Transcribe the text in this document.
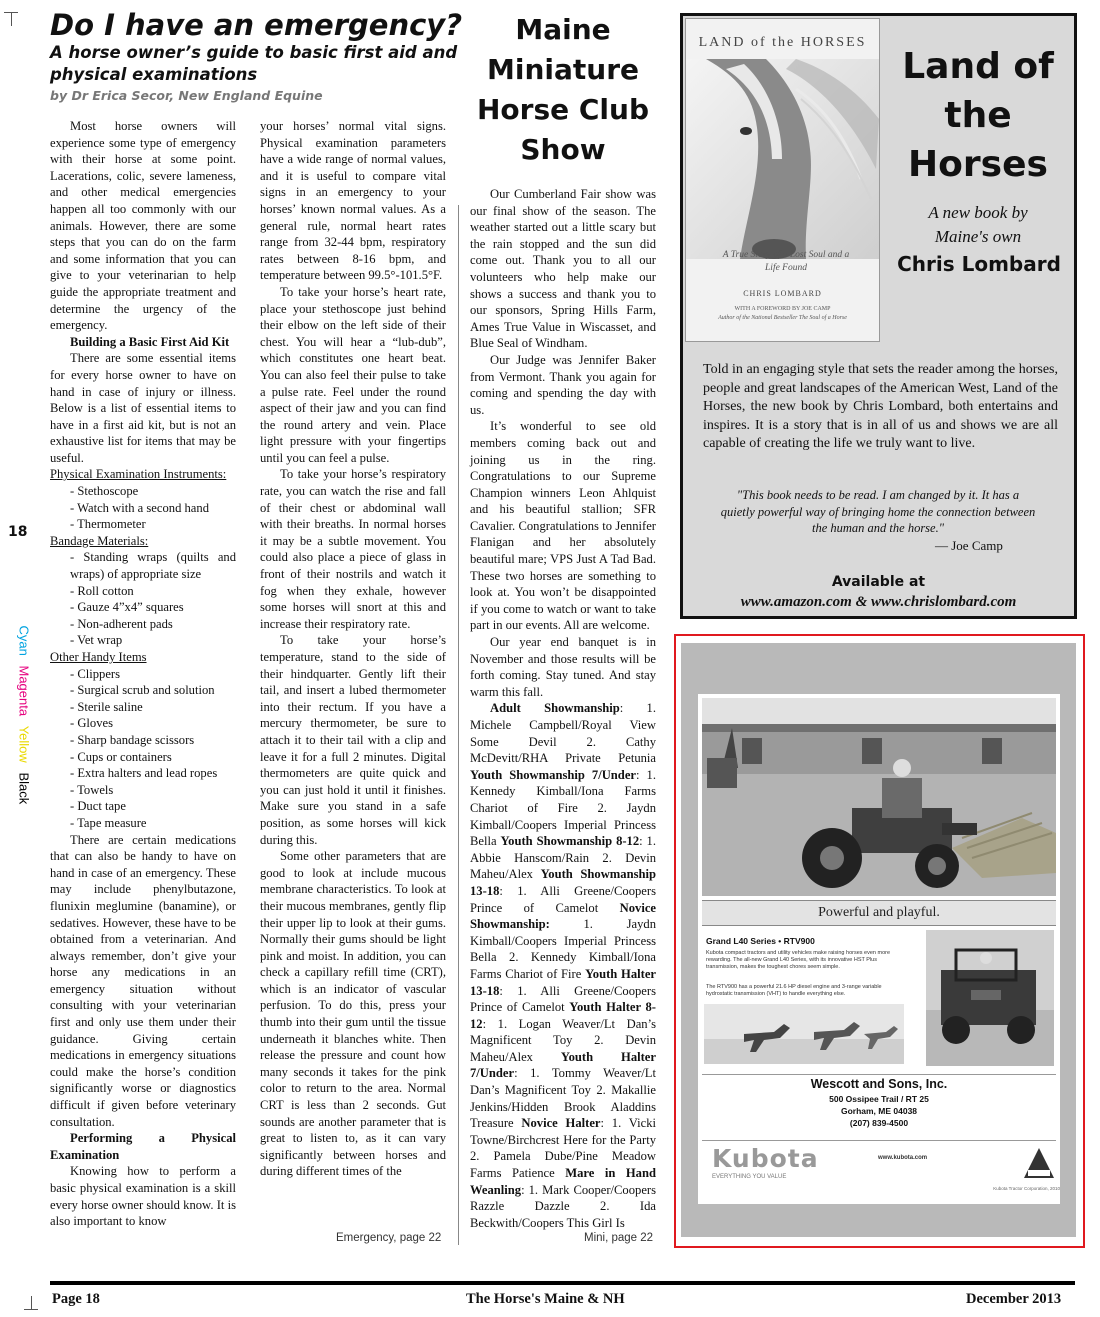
18
Cyan Magenta Yellow Black
Do I have an emergency?
A horse owner’s guide to basic first aid and physical examinations
by Dr Erica Secor, New England Equine

Most horse owners will experience some type of emergency with their horse at some point. Lacerations, colic, severe lameness, and other medical emergencies happen all too commonly with our animals. However, there are some steps that you can do on the farm and some information that you can give to your veterinarian to help guide the appropriate treatment and determine the urgency of the emergency.

Building a Basic First Aid Kit

There are some essential items for every horse owner to have on hand in case of injury or illness. Below is a list of essential items to have in a first aid kit, but is not an exhaustive list for items that may be useful.

Physical Examination Instruments:

- Stethoscope

- Watch with a second hand

- Thermometer

Bandage Materials:

- Standing wraps (quilts and wraps) of appropriate size

- Roll cotton

- Gauze 4”x4” squares

- Non-adherent pads

- Vet wrap

Other Handy Items

- Clippers

- Surgical scrub and solution

- Sterile saline

- Gloves

- Sharp bandage scissors

- Cups or containers

- Extra halters and lead ropes

- Towels

- Duct tape

- Tape measure

There are certain medications that can also be handy to have on hand in case of an emergency. These may include phenylbutazone, flunixin meglumine (banamine), or sedatives. However, these have to be obtained from a veterinarian. And always remember, don’t give your horse any medications in an emergency situation without consulting with your veterinarian first and only use them under their guidance. Giving certain medications in emergency situations could make the horse’s condition significantly worse or diagnostics difficult if given before veterinary consultation.

Performing a Physical Examination

Knowing how to perform a basic physical examination is a skill every horse owner should know. It is also important to know

your horses’ normal vital signs. Physical examination parameters have a wide range of normal values, and it is useful to compare vital signs in an emergency to your horses’ known normal values. As a general rule, normal heart rates range from 32-44 bpm, respiratory rates between 8-16 bpm, and temperature between 99.5°-101.5°F.

To take your horse’s heart rate, place your stethoscope just behind their elbow on the left side of their chest. You will hear a “lub-dub”, which constitutes one heart beat. You can also feel their pulse to take a pulse rate. Feel under the round aspect of their jaw and you can find the round artery and vein. Place light pressure with your fingertips until you can feel a pulse.

To take your horse’s respiratory rate, you can watch the rise and fall of their chest or abdominal wall with their breaths. In normal horses it may be a subtle movement. You could also place a piece of glass in front of their nostrils and watch it fog when they exhale, however some horses will snort at this and increase their respiratory rate.

To take your horse’s temperature, stand to the side of their hindquarter. Gently lift their tail, and insert a lubed thermometer into their rectum. If you have a mercury thermometer, be sure to attach it to their tail with a clip and leave it for a full 2 minutes. Digital thermometers are quite quick and you can just hold it until it finishes. Make sure you stand in a safe position, as some horses will kick during this.

Some other parameters that are good to look at include mucous membrane characteristics. To look at their mucous membranes, gently flip their upper lip to look at their gums. Normally their gums should be light pink and moist. In addition, you can check a capillary refill time (CRT), which is an indicator of vascular perfusion. To do this, press your thumb into their gum until the tissue underneath it blanches white. Then release the pressure and count how many seconds it takes for the pink color to return to the area. Normal CRT is less than 2 seconds. Gut sounds are another parameter that is great to listen to, as it can vary significantly between horses and during different times of the

Emergency, page 22
Maine Miniature Horse Club Show

Our Cumberland Fair show was our final show of the season. The weather started out a little scary but the rain stopped and the sun did come out. Thank you to all our volunteers who help make our shows a success and thank you to our sponsors, Spring Hills Farm, Ames True Value in Wiscasset, and Blue Seal of Windham.

Our Judge was Jennifer Baker from Vermont. Thank you again for coming and spending the day with us.

It’s wonderful to see old members coming back out and joining us in the ring. Congratulations to our Supreme Champion winners Leon Ahlquist and his beautiful stallion; SFR Cavalier. Congratulations to Jennifer Flanigan and her absolutely beautiful mare; VPS Just A Tad Bad. These two horses are something to look at. You won’t be disappointed if you come to watch or want to take part in our events. All are welcome.

Our year end banquet is in November and those results will be forth coming. Stay tuned. And stay warm this fall.

Adult Showmanship: 1. Michele Campbell/Royal View Some Devil 2. Cathy McDevitt/RHA Private Petunia Youth Showmanship 7/Under: 1. Kennedy Kimball/Iona Farms Chariot of Fire 2. Jaydn Kimball/Coopers Imperial Princess Bella Youth Showmanship 8-12: 1. Abbie Hanscom/Rain 2. Devin Maheu/Alex Youth Showmanship 13-18: 1. Alli Greene/Coopers Prince of Camelot Novice Showmanship: 1. Jaydn Kimball/Coopers Imperial Princess Bella 2. Kennedy Kimball/Iona Farms Chariot of Fire Youth Halter 13-18: 1. Alli Greene/Coopers Prince of Camelot Youth Halter 8-12: 1. Logan Weaver/Lt Dan’s Magnificent Toy 2. Devin Maheu/Alex Youth Halter 7/Under: 1. Tommy Weaver/Lt Dan’s Magnificent Toy 2. Makallie Jenkins/Hidden Brook Aladdins Treasure Novice Halter: 1. Vicki Towne/Birchcrest Here for the Party 2. Pamela Dube/Pine Meadow Farms Patience Mare in Hand Weanling: 1. Mark Cooper/Coopers Razzle Dazzle 2. Ida Beckwith/Coopers This Girl Is

Mini, page 22
LAND of the HORSES
A True Story of a Lost Soul and a Life Found
CHRIS LOMBARD
WITH A FOREWORD BY JOE CAMP
Author of the National Bestseller The Soul of a Horse
Land of the Horses
A new book by Maine's own
Chris Lombard
Told in an engaging style that sets the reader among the horses, people and great landscapes of the American West, Land of the Horses, the new book by Chris Lombard, both entertains and inspires. It is a story that is in all of us and shows we are all capable of creating the life we truly want to live.
"This book needs to be read. I am changed by it. It has a quietly powerful way of bringing home the connection between the human and the horse."
— Joe Camp
Available at
www.amazon.com & www.chrislombard.com
Powerful and playful.
Grand L40 Series • RTV900
Kubota compact tractors and utility vehicles make raising horses even more rewarding. The all-new Grand L40 Series, with its innovative HST Plus transmission, makes the toughest chores seem simple.
The RTV900 has a powerful 21.6 HP diesel engine and 3-range variable hydrostatic transmission (VHT) to handle everything else.
Wescott and Sons, Inc.
500 Ossipee Trail / RT 25
Gorham, ME 04038
(207) 839-4500
Kubota
EVERYTHING YOU VALUE
www.kubota.com
Kubota Tractor Corporation, 2010
Page 18	The Horse's Maine & NH	December 2013
